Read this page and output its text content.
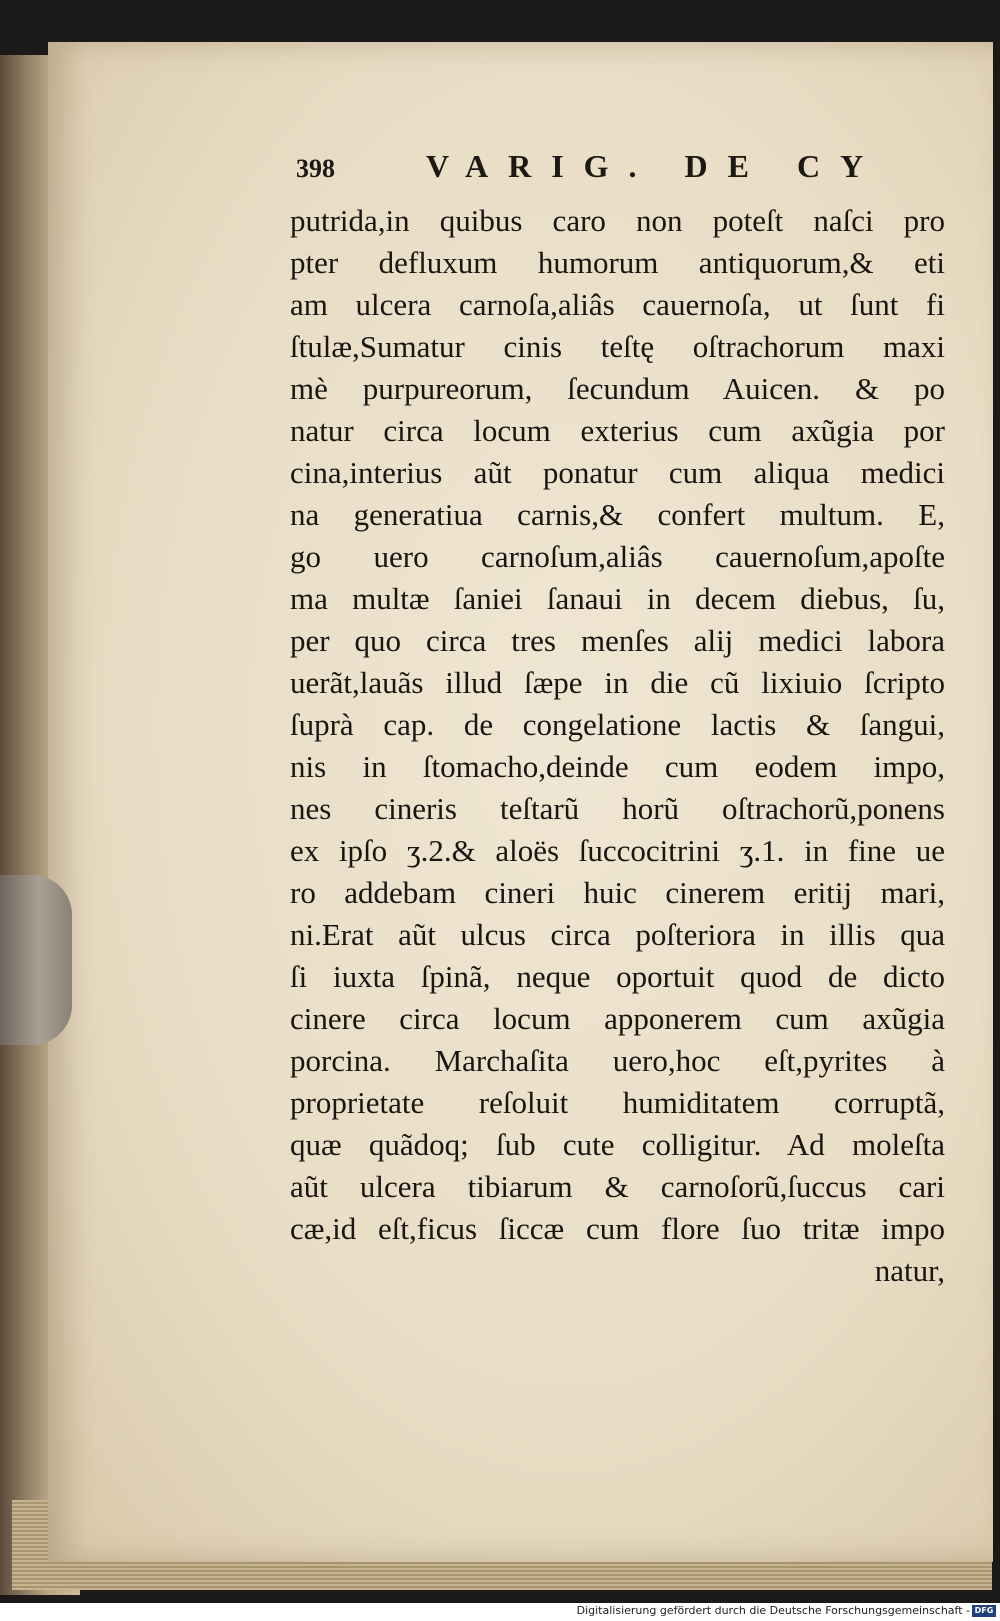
398	VARIG. DE CY
putrida,in quibus caro non poteſt naſci pro
pter defluxum humorum antiquorum,& eti
am ulcera carnoſa,aliâs cauernoſa, ut ſunt fi
ſtulæ,Sumatur cinis teſtę oſtrachorum maxi
mè purpureorum, ſecundum Auicen. & po
natur circa locum exterius cum axũgia por
cina,interius aũt ponatur cum aliqua medici
na generatiua carnis,& confert multum. E,
go uero carnoſum,aliâs cauernoſum,apoſte
ma multæ ſaniei ſanaui in decem diebus, ſu,
per quo circa tres menſes alĳ medici labora
uerãt,lauãs illud ſæpe in die cũ lixiuio ſcripto
ſuprà cap. de congelatione lactis & ſangui,
nis in ſtomacho,deinde cum eodem impo,
nes cineris teſtarũ horũ oſtrachorũ,ponens
ex ipſo ʒ.2.& aloës ſuccocitrini ʒ.1. in fine ue
ro addebam cineri huic cinerem eritĳ mari,
ni.Erat aũt ulcus circa poſteriora in illis qua
ſi iuxta ſpinã, neque oportuit quod de dicto
cinere circa locum apponerem cum axũgia
porcina. Marchaſita uero,hoc eſt,pyrites à
proprietate reſoluit humiditatem corruptã,
quæ quãdoq; ſub cute colligitur. Ad moleſta
aũt ulcera tibiarum & carnoſorũ,ſuccus cari
cæ,id eſt,ficus ſiccæ cum flore ſuo tritæ impo
natur,
Digitalisierung gefördert durch die Deutsche Forschungsgemeinschaft - DFG
